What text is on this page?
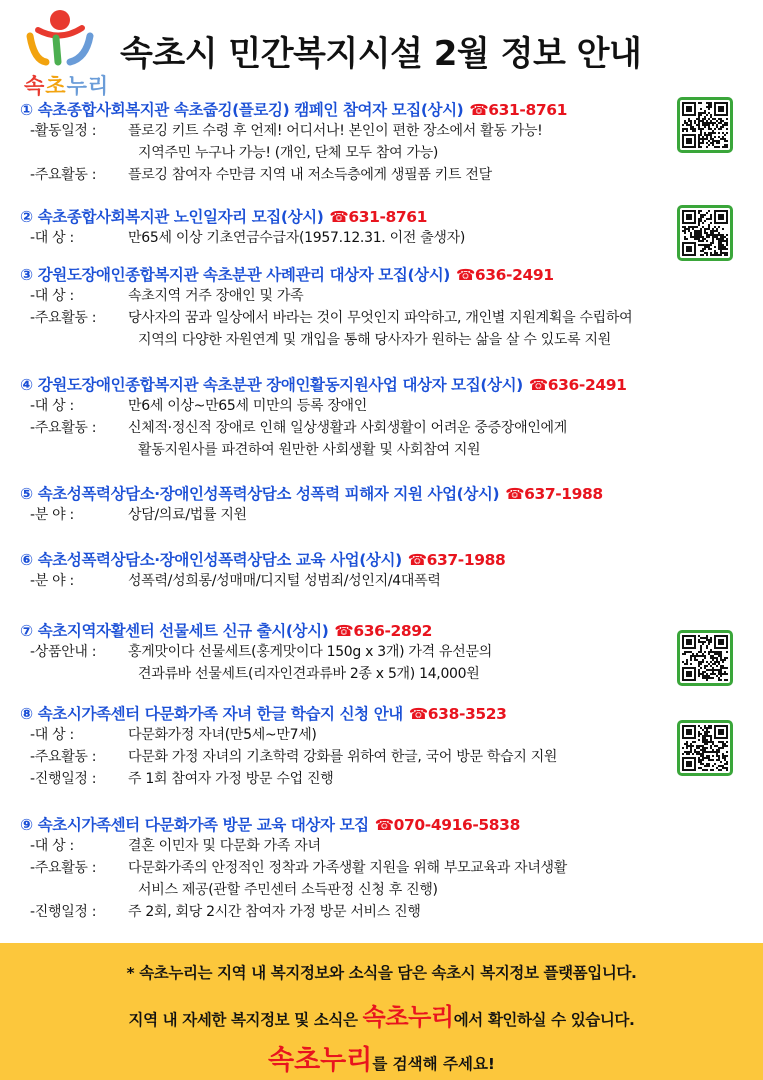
속초누리
속초시 민간복지시설 2월 정보 안내
① 속초종합사회복지관 속초줍깅(플로깅) 캠페인 참여자 모집(상시) ☎631-8761
-활동일정 :	플로깅 키트 수령 후 언제! 어디서나! 본인이 편한 장소에서 활동 가능!
지역주민 누구나 가능! (개인, 단체 모두 참여 가능)
-주요활동 :	플로깅 참여자 수만큼 지역 내 저소득층에게 생필품 키트 전달
② 속초종합사회복지관 노인일자리 모집(상시) ☎631-8761
-대 상 :	만65세 이상 기초연금수급자(1957.12.31. 이전 출생자)
③ 강원도장애인종합복지관 속초분관 사례관리 대상자 모집(상시) ☎636-2491
-대 상 :	속초지역 거주 장애인 및 가족
-주요활동 :	당사자의 꿈과 일상에서 바라는 것이 무엇인지 파악하고, 개인별 지원계획을 수립하여
지역의 다양한 자원연계 및 개입을 통해 당사자가 원하는 삶을 살 수 있도록 지원
④ 강원도장애인종합복지관 속초분관 장애인활동지원사업 대상자 모집(상시) ☎636-2491
-대 상 :	만6세 이상~만65세 미만의 등록 장애인
-주요활동 :	신체적·정신적 장애로 인해 일상생활과 사회생활이 어려운 중증장애인에게
활동지원사를 파견하여 원만한 사회생활 및 사회참여 지원
⑤ 속초성폭력상담소·장애인성폭력상담소 성폭력 피해자 지원 사업(상시) ☎637-1988
-분 야 :	상담/의료/법률 지원
⑥ 속초성폭력상담소·장애인성폭력상담소 교육 사업(상시) ☎637-1988
-분 야 :	성폭력/성희롱/성매매/디지털 성범죄/성인지/4대폭력
⑦ 속초지역자활센터 선물세트 신규 출시(상시) ☎636-2892
-상품안내 :	홍게맛이다 선물세트(홍게맛이다 150g x 3개) 가격 유선문의
견과류바 선물세트(리자인견과류바 2종 x 5개) 14,000원
⑧ 속초시가족센터 다문화가족 자녀 한글 학습지 신청 안내 ☎638-3523
-대 상 :	다문화가정 자녀(만5세~만7세)
-주요활동 :	다문화 가정 자녀의 기초학력 강화를 위하여 한글, 국어 방문 학습지 지원
-진행일정 :	주 1회 참여자 가정 방문 수업 진행
⑨ 속초시가족센터 다문화가족 방문 교육 대상자 모집 ☎070-4916-5838
-대 상 :	결혼 이민자 및 다문화 가족 자녀
-주요활동 :	다문화가족의 안정적인 정착과 가족생활 지원을 위해 부모교육과 자녀생활
서비스 제공(관할 주민센터 소득판정 신청 후 진행)
-진행일정 :	주 2회, 회당 2시간 참여자 가정 방문 서비스 진행
* 속초누리는 지역 내 복지정보와 소식을 담은 속초시 복지정보 플랫폼입니다.
지역 내 자세한 복지정보 및 소식은 속초누리에서 확인하실 수 있습니다.
속초누리를 검색해 주세요!
